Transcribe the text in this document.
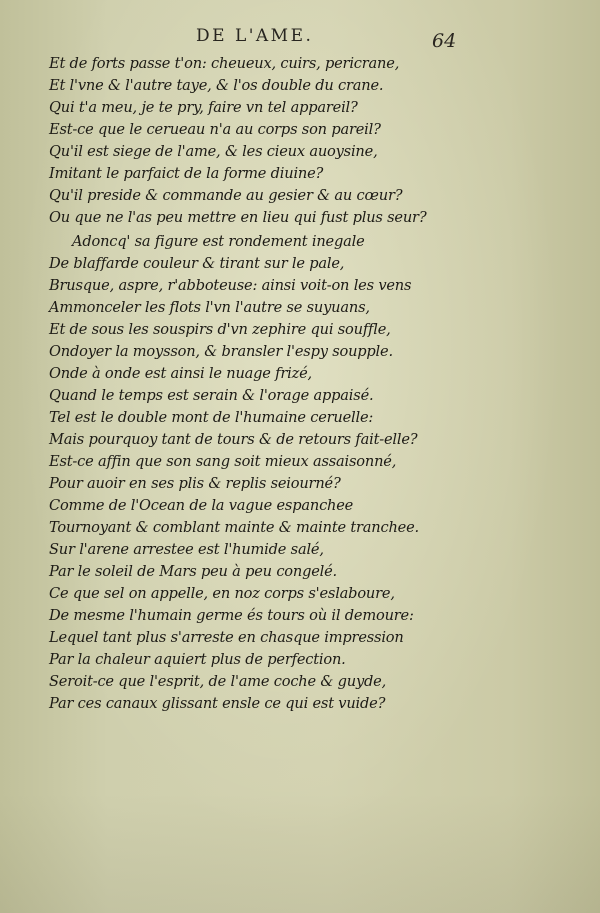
DE L'AME.	64
Et de forts passe t'on: cheueux, cuirs, pericrane,
Et l'vne & l'autre taye, & l'os double du crane.
Qui t'a meu, je te pry, faire vn tel appareil?
Est-ce que le cerueau n'a au corps son pareil?
Qu'il est siege de l'ame, & les cieux auoysine,
Imitant le parfaict de la forme diuine?
Qu'il preside & commande au gesier & au cœur?
Ou que ne l'as peu mettre en lieu qui fust plus seur?
Adoncq' sa figure est rondement inegale
De blaffarde couleur & tirant sur le pale,
Brusque, aspre, r'abboteuse: ainsi voit-on les vens
Ammonceler les flots l'vn l'autre se suyuans,
Et de sous les souspirs d'vn zephire qui souffle,
Ondoyer la moysson, & bransler l'espy soupple.
Onde à onde est ainsi le nuage frizé,
Quand le temps est serain & l'orage appaisé.
Tel est le double mont de l'humaine ceruelle:
Mais pourquoy tant de tours & de retours fait-elle?
Est-ce affin que son sang soit mieux assaisonné,
Pour auoir en ses plis & replis seiourné?
Comme de l'Ocean de la vague espanchee
Tournoyant & comblant mainte & mainte tranchee.
Sur l'arene arrestee est l'humide salé,
Par le soleil de Mars peu à peu congelé.
Ce que sel on appelle, en noz corps s'eslaboure,
De mesme l'humain germe és tours où il demoure:
Lequel tant plus s'arreste en chasque impression
Par la chaleur aquiert plus de perfection.
Seroit-ce que l'esprit, de l'ame coche & guyde,
Par ces canaux glissant ensle ce qui est vuide?
